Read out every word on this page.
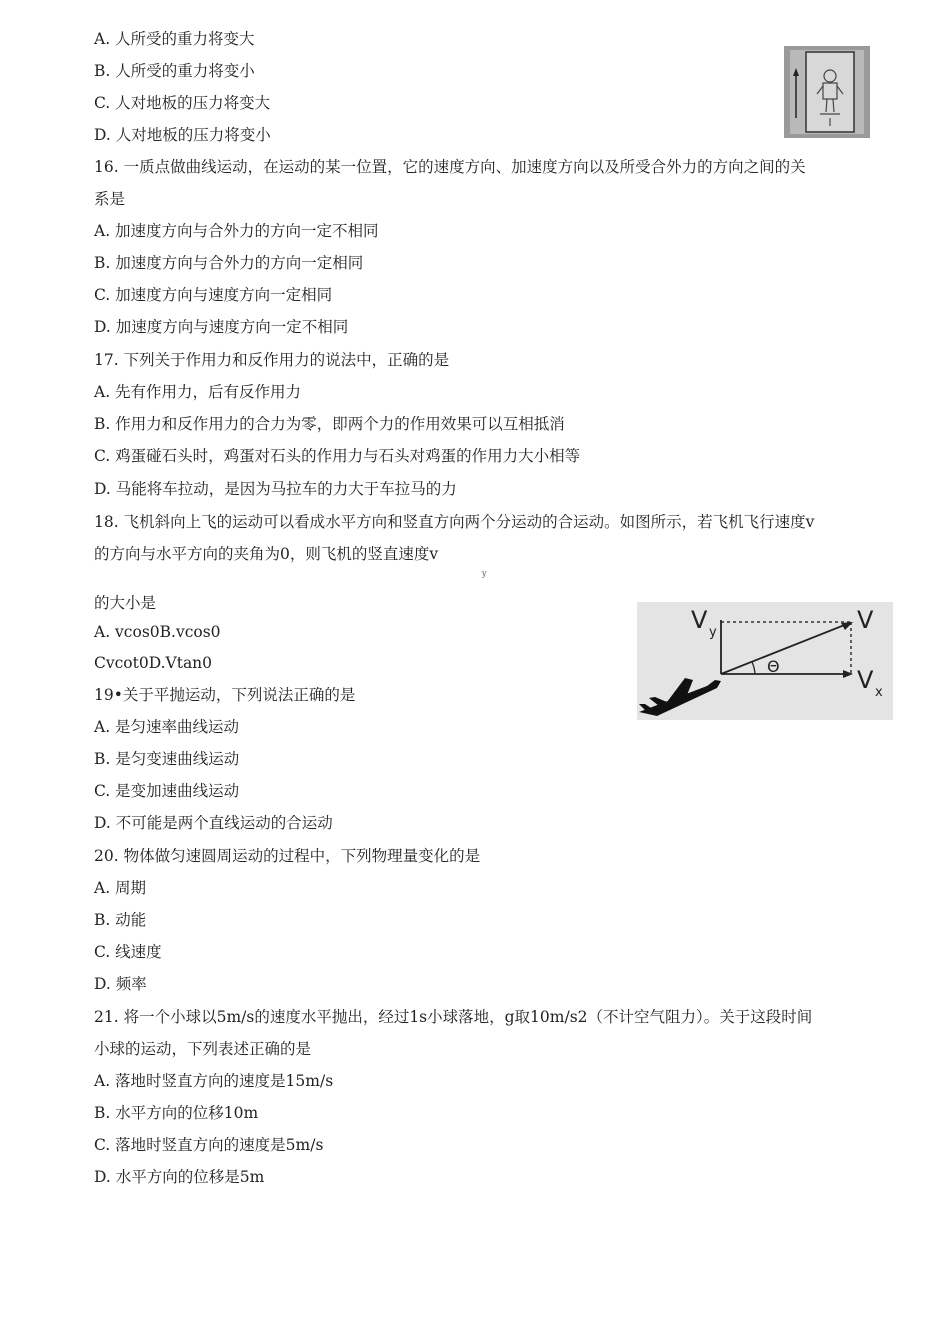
A. 人所受的重力将变大
B. 人所受的重力将变小
C. 人对地板的压力将变大
D. 人对地板的压力将变小
16. 一质点做曲线运动，在运动的某一位置，它的速度方向、加速度方向以及所受合外力的方向之间的关
系是
A. 加速度方向与合外力的方向一定不相同
B. 加速度方向与合外力的方向一定相同
C. 加速度方向与速度方向一定相同
D. 加速度方向与速度方向一定不相同
17. 下列关于作用力和反作用力的说法中，正确的是
A. 先有作用力，后有反作用力
B. 作用力和反作用力的合力为零，即两个力的作用效果可以互相抵消
C. 鸡蛋碰石头时，鸡蛋对石头的作用力与石头对鸡蛋的作用力大小相等
D. 马能将车拉动，是因为马拉车的力大于车拉马的力
18. 飞机斜向上飞的运动可以看成水平方向和竖直方向两个分运动的合运动。如图所示，若飞机飞行速度v
的方向与水平方向的夹角为0，则飞机的竖直速度v
y
的大小是
A. vcos0B.vcos0
Cvcot0D.Vtan0
V y	V
V x
Θ
19•关于平抛运动，下列说法正确的是
A. 是匀速率曲线运动
B. 是匀变速曲线运动
C. 是变加速曲线运动
D. 不可能是两个直线运动的合运动
20. 物体做匀速圆周运动的过程中，下列物理量变化的是
A. 周期
B. 动能
C. 线速度
D. 频率
21. 将一个小球以5m/s的速度水平抛出，经过1s小球落地，g取10m/s2（不计空气阻力）。关于这段时间
小球的运动，下列表述正确的是
A. 落地时竖直方向的速度是15m/s
B. 水平方向的位移10m
C. 落地时竖直方向的速度是5m/s
D. 水平方向的位移是5m
